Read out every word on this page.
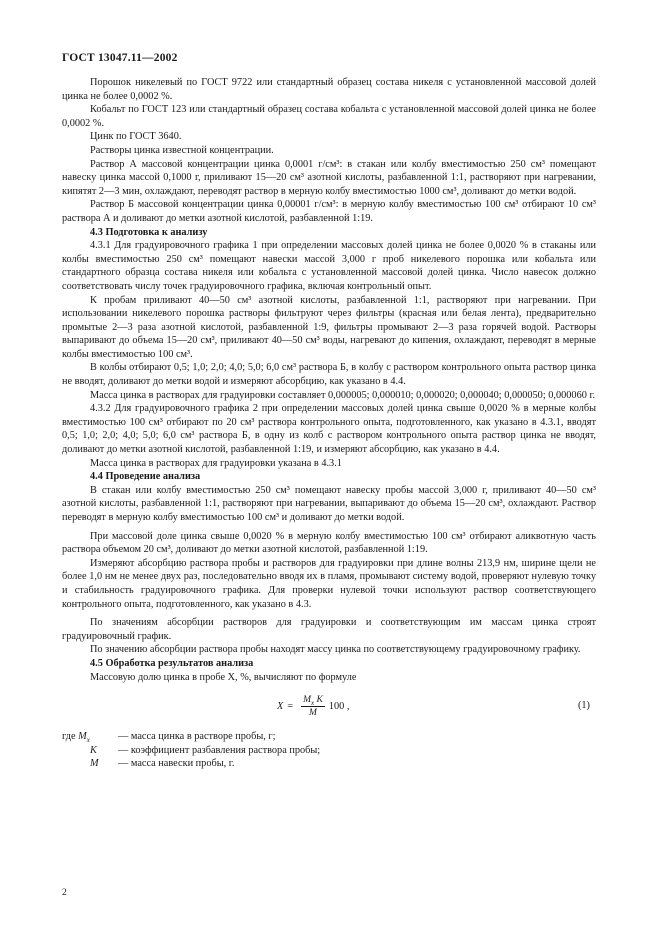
ГОСТ 13047.11—2002

Порошок никелевый по ГОСТ 9722 или стандартный образец состава никеля с установленной массовой долей цинка не более 0,0002 %.

Кобальт по ГОСТ 123 или стандартный образец состава кобальта с установленной массовой долей цинка не более 0,0002 %.

Цинк по ГОСТ 3640.

Растворы цинка известной концентрации.

Раствор А массовой концентрации цинка 0,0001 г/см³: в стакан или колбу вместимостью 250 см³ помещают навеску цинка массой 0,1000 г, приливают 15—20 см³ азотной кислоты, разбавленной 1:1, растворяют при нагревании, кипятят 2—3 мин, охлаждают, переводят раствор в мерную колбу вместимостью 1000 см³, доливают до метки водой.

Раствор Б массовой концентрации цинка 0,00001 г/см³: в мерную колбу вместимостью 100 см³ отбирают 10 см³ раствора А и доливают до метки азотной кислотой, разбавленной 1:19.

4.3 Подготовка к анализу

4.3.1 Для градуировочного графика 1 при определении массовых долей цинка не более 0,0020 % в стаканы или колбы вместимостью 250 см³ помещают навески массой 3,000 г проб никелевого порошка или кобальта или стандартного образца состава никеля или кобальта с установленной массовой долей цинка. Число навесок должно соответствовать числу точек градуировочного графика, включая контрольный опыт.

К пробам приливают 40—50 см³ азотной кислоты, разбавленной 1:1, растворяют при нагревании. При использовании никелевого порошка растворы фильтруют через фильтры (красная или белая лента), предварительно промытые 2—3 раза азотной кислотой, разбавленной 1:9, фильтры промывают 2—3 раза горячей водой. Растворы выпаривают до объема 15—20 см³, приливают 40—50 см³ воды, нагревают до кипения, охлаждают, переводят в мерные колбы вместимостью 100 см³.

В колбы отбирают 0,5; 1,0; 2,0; 4,0; 5,0; 6,0 см³ раствора Б, в колбу с раствором контрольного опыта раствор цинка не вводят, доливают до метки водой и измеряют абсорбцию, как указано в 4.4.

Масса цинка в растворах для градуировки составляет 0,000005; 0,000010; 0,000020; 0,000040; 0,000050; 0,000060 г.

4.3.2 Для градуировочного графика 2 при определении массовых долей цинка свыше 0,0020 % в мерные колбы вместимостью 100 см³ отбирают по 20 см³ раствора контрольного опыта, подготовленного, как указано в 4.3.1, вводят 0,5; 1,0; 2,0; 4,0; 5,0; 6,0 см³ раствора Б, в одну из колб с раствором контрольного опыта раствор цинка не вводят, доливают до метки азотной кислотой, разбавленной 1:19, и измеряют абсорбцию, как указано в 4.4.

Масса цинка в растворах для градуировки указана в 4.3.1

4.4 Проведение анализа

В стакан или колбу вместимостью 250 см³ помещают навеску пробы массой 3,000 г, приливают 40—50 см³ азотной кислоты, разбавленной 1:1, растворяют при нагревании, выпаривают до объема 15—20 см³, охлаждают. Раствор переводят в мерную колбу вместимостью 100 см³ и доливают до метки водой.

При массовой доле цинка свыше 0,0020 % в мерную колбу вместимостью 100 см³ отбирают аликвотную часть раствора объемом 20 см³, доливают до метки азотной кислотой, разбавленной 1:19.

Измеряют абсорбцию раствора пробы и растворов для градуировки при длине волны 213,9 нм, ширине щели не более 1,0 нм не менее двух раз, последовательно вводя их в пламя, промывают систему водой, проверяют нулевую точку и стабильность градуировочного графика. Для проверки нулевой точки используют раствор соответствующего контрольного опыта, подготовленного, как указано в 4.3.

По значениям абсорбции растворов для градуировки и соответствующим им массам цинка строят градуировочный график.

По значению абсорбции раствора пробы находят массу цинка по соответствующему градуировочному графику.

4.5 Обработка результатов анализа

Массовую долю цинка в пробе X, %, вычисляют по формуле

$X = \frac{M_x K}{M} 100$ ,	(1)
где $M_x$	— масса цинка в растворе пробы, г;
K	— коэффициент разбавления раствора пробы;
M	— масса навески пробы, г.
2
